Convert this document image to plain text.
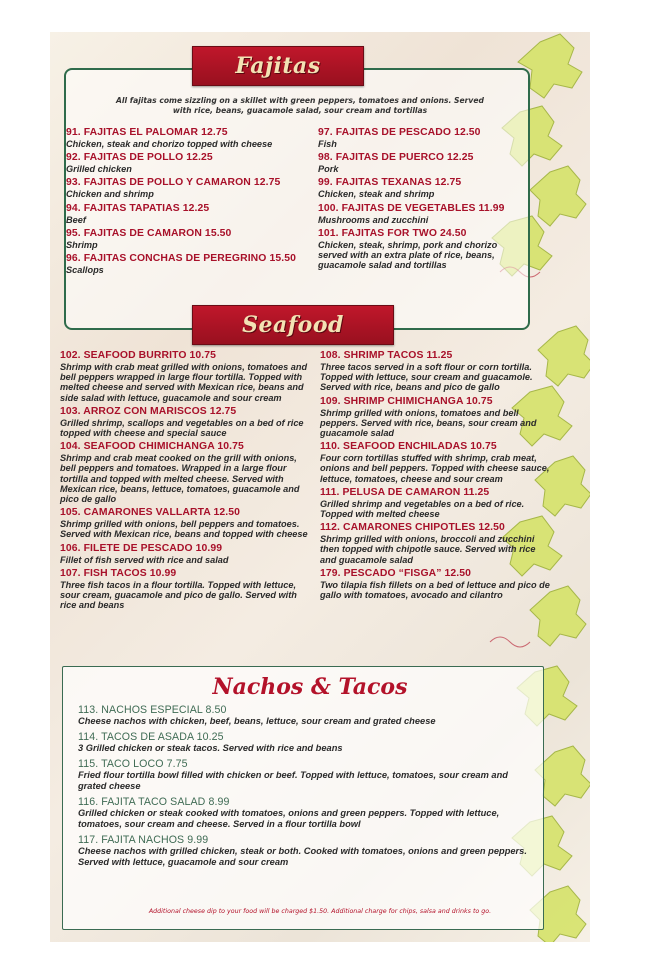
Fajitas
All fajitas come sizzling on a skillet with green peppers, tomatoes and onions. Served with rice, beans, guacamole salad, sour cream and tortillas
91. FAJITAS EL PALOMAR 12.75
Chicken, steak and chorizo topped with cheese
92. FAJITAS DE POLLO 12.25
Grilled chicken
93. FAJITAS DE POLLO Y CAMARON 12.75
Chicken and shrimp
94. FAJITAS TAPATIAS 12.25
Beef
95. FAJITAS DE CAMARON 15.50
Shrimp
96. FAJITAS CONCHAS DE PEREGRINO 15.50
Scallops
97. FAJITAS DE PESCADO 12.50
Fish
98. FAJITAS DE PUERCO 12.25
Pork
99. FAJITAS TEXANAS 12.75
Chicken, steak and shrimp
100. FAJITAS DE VEGETABLES 11.99
Mushrooms and zucchini
101. FAJITAS FOR TWO 24.50
Chicken, steak, shrimp, pork and chorizo served with an extra plate of rice, beans, guacamole salad and tortillas
Seafood
102. SEAFOOD BURRITO 10.75
Shrimp with crab meat grilled with onions, tomatoes and bell peppers wrapped in large flour tortilla. Topped with melted cheese and served with Mexican rice, beans and side salad with lettuce, guacamole and sour cream
103. ARROZ CON MARISCOS 12.75
Grilled shrimp, scallops and vegetables on a bed of rice topped with cheese and special sauce
104. SEAFOOD CHIMICHANGA 10.75
Shrimp and crab meat cooked on the grill with onions, bell peppers and tomatoes. Wrapped in a large flour tortilla and topped with melted cheese. Served with Mexican rice, beans, lettuce, tomatoes, guacamole and pico de gallo
105. CAMARONES VALLARTA 12.50
Shrimp grilled with onions, bell peppers and tomatoes. Served with Mexican rice, beans and topped with cheese
106. FILETE DE PESCADO 10.99
Fillet of fish served with rice and salad
107. FISH TACOS 10.99
Three fish tacos in a flour tortilla. Topped with lettuce, sour cream, guacamole and pico de gallo. Served with rice and beans
108. SHRIMP TACOS 11.25
Three tacos served in a soft flour or corn tortilla. Topped with lettuce, sour cream and guacamole. Served with rice, beans and pico de gallo
109. SHRIMP CHIMICHANGA 10.75
Shrimp grilled with onions, tomatoes and bell peppers. Served with rice, beans, sour cream and guacamole salad
110. SEAFOOD ENCHILADAS 10.75
Four corn tortillas stuffed with shrimp, crab meat, onions and bell peppers. Topped with cheese sauce, lettuce, tomatoes, cheese and sour cream
111. PELUSA DE CAMARON 11.25
Grilled shrimp and vegetables on a bed of rice. Topped with melted cheese
112. CAMARONES CHIPOTLES 12.50
Shrimp grilled with onions, broccoli and zucchini then topped with chipotle sauce. Served with rice and guacamole salad
179. PESCADO “FISGA” 12.50
Two tilapia fish fillets on a bed of lettuce and pico de gallo with tomatoes, avocado and cilantro
Nachos & Tacos
113. NACHOS ESPECIAL 8.50
Cheese nachos with chicken, beef, beans, lettuce, sour cream and grated cheese
114. TACOS DE ASADA 10.25
3 Grilled chicken or steak tacos. Served with rice and beans
115. TACO LOCO 7.75
Fried flour tortilla bowl filled with chicken or beef. Topped with lettuce, tomatoes, sour cream and grated cheese
116. FAJITA TACO SALAD 8.99
Grilled chicken or steak cooked with tomatoes, onions and green peppers. Topped with lettuce, tomatoes, sour cream and cheese. Served in a flour tortilla bowl
117. FAJITA NACHOS 9.99
Cheese nachos with grilled chicken, steak or both. Cooked with tomatoes, onions and green peppers. Served with lettuce, guacamole and sour cream
Additional cheese dip to your food will be charged $1.50. Additional charge for chips, salsa and drinks to go.
